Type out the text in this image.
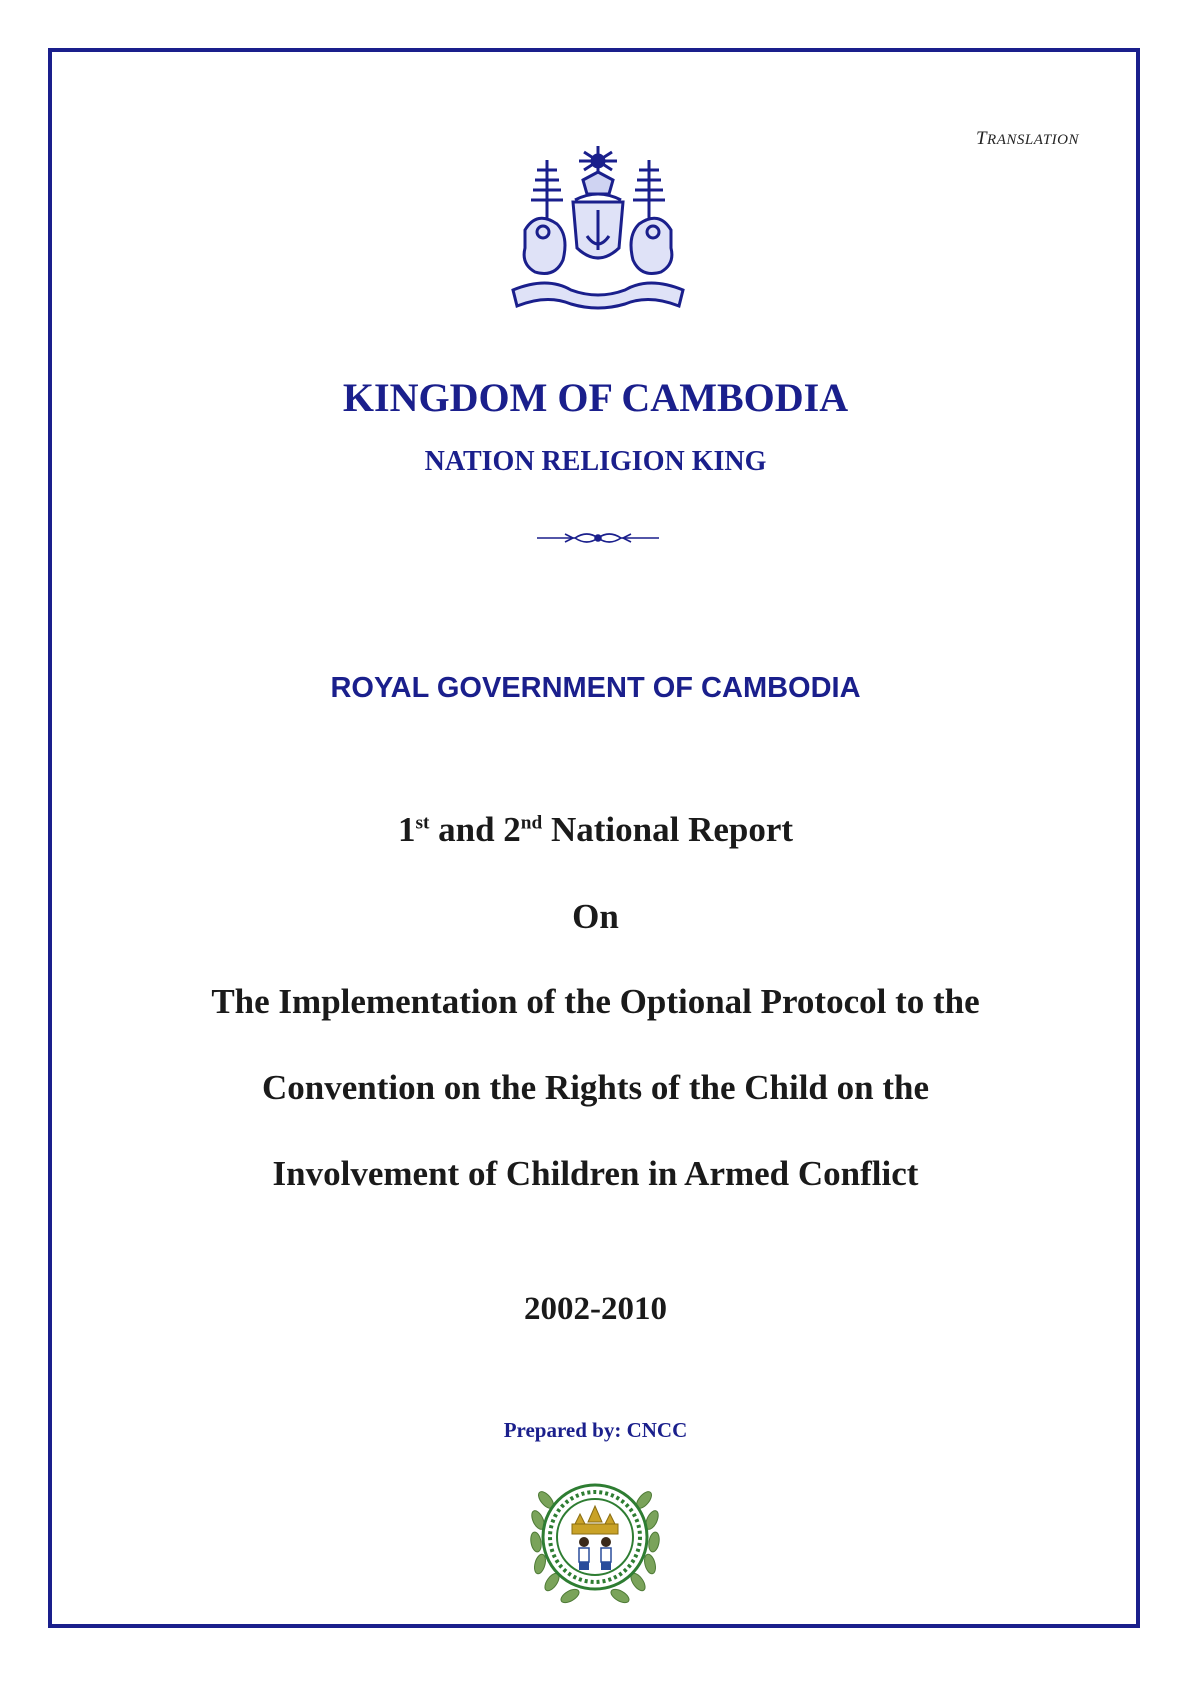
TRANSLATION
KINGDOM OF CAMBODIA
NATION RELIGION KING
ROYAL GOVERNMENT OF CAMBODIA
1st and 2nd National Report
On
The Implementation of the Optional Protocol to the
Convention on the Rights of the Child on the
Involvement of Children in Armed Conflict
2002-2010
Prepared by: CNCC
